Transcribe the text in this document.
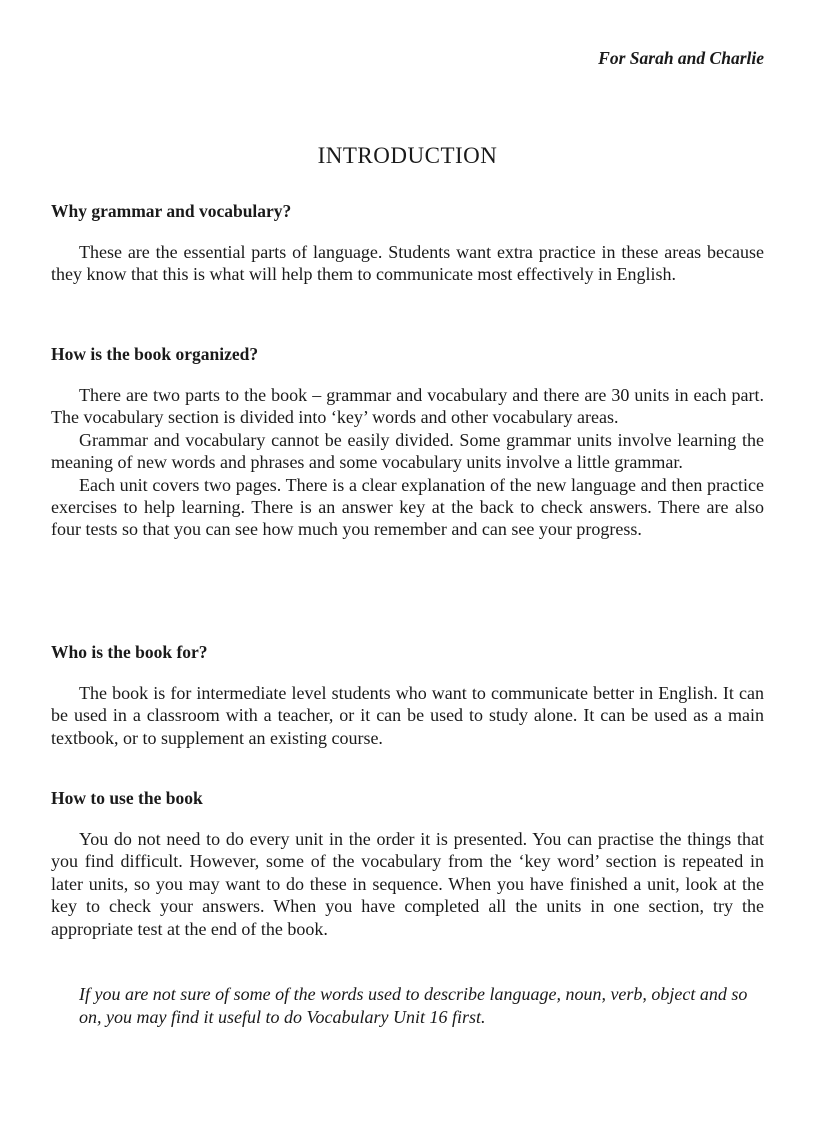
For Sarah and Charlie

INTRODUCTION
Why grammar and vocabulary?

These are the essential parts of language. Students want extra practice in these areas because they know that this is what will help them to communicate most effectively in English.

How is the book organized?

There are two parts to the book – grammar and vocabulary and there are 30 units in each part. The vocabulary section is divided into ‘key’ words and other vocabulary areas.

Grammar and vocabulary cannot be easily divided. Some grammar units involve learning the meaning of new words and phrases and some vocabulary units involve a little grammar.

Each unit covers two pages. There is a clear explanation of the new language and then practice exercises to help learning. There is an answer key at the back to check answers. There are also four tests so that you can see how much you remember and can see your progress.

Who is the book for?

The book is for intermediate level students who want to communicate better in English. It can be used in a classroom with a teacher, or it can be used to study alone. It can be used as a main textbook, or to supplement an existing course.

How to use the book

You do not need to do every unit in the order it is presented. You can practise the things that you find difficult. However, some of the vocabulary from the ‘key word’ section is repeated in later units, so you may want to do these in sequence. When you have finished a unit, look at the key to check your answers. When you have completed all the units in one section, try the appropriate test at the end of the book.

If you are not sure of some of the words used to describe language, noun, verb, object and so on, you may find it useful to do Vocabulary Unit 16 first.
